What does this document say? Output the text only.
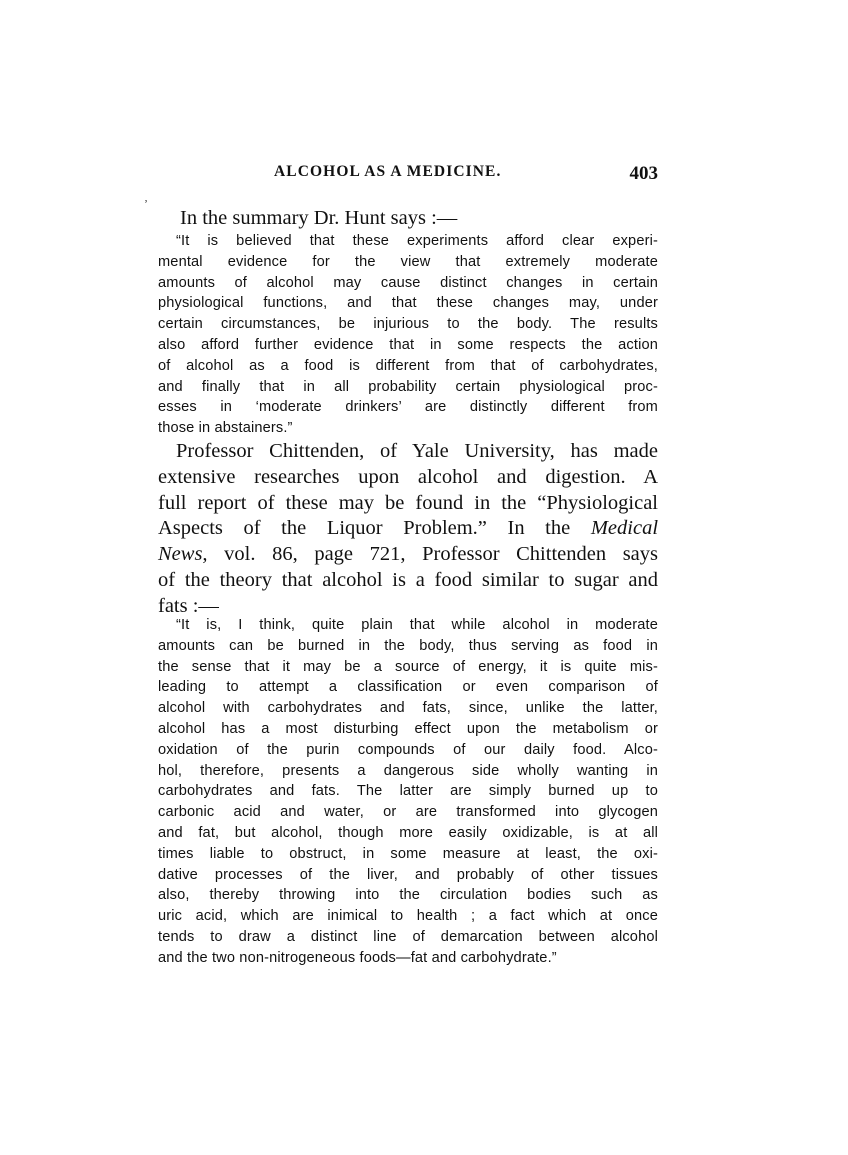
ALCOHOL AS A MEDICINE.	403
‚
In the summary Dr. Hunt says :—
“It is believed that these experiments afford clear experi-
mental evidence for the view that extremely moderate
amounts of alcohol may cause distinct changes in certain
physiological functions, and that these changes may, under
certain circumstances, be injurious to the body. The results
also afford further evidence that in some respects the action
of alcohol as a food is different from that of carbohydrates,
and finally that in all probability certain physiological proc-
esses in ‘moderate drinkers’ are distinctly different from
those in abstainers.”
Professor Chittenden, of Yale University, has made
extensive researches upon alcohol and digestion. A
full report of these may be found in the “Physiological
Aspects of the Liquor Problem.” In the Medical
News, vol. 86, page 721, Professor Chittenden says
of the theory that alcohol is a food similar to sugar and
fats :—
“It is, I think, quite plain that while alcohol in moderate
amounts can be burned in the body, thus serving as food in
the sense that it may be a source of energy, it is quite mis-
leading to attempt a classification or even comparison of
alcohol with carbohydrates and fats, since, unlike the latter,
alcohol has a most disturbing effect upon the metabolism or
oxidation of the purin compounds of our daily food. Alco-
hol, therefore, presents a dangerous side wholly wanting in
carbohydrates and fats. The latter are simply burned up to
carbonic acid and water, or are transformed into glycogen
and fat, but alcohol, though more easily oxidizable, is at all
times liable to obstruct, in some measure at least, the oxi-
dative processes of the liver, and probably of other tissues
also, thereby throwing into the circulation bodies such as
uric acid, which are inimical to health ; a fact which at once
tends to draw a distinct line of demarcation between alcohol
and the two non-nitrogeneous foods—fat and carbohydrate.”
